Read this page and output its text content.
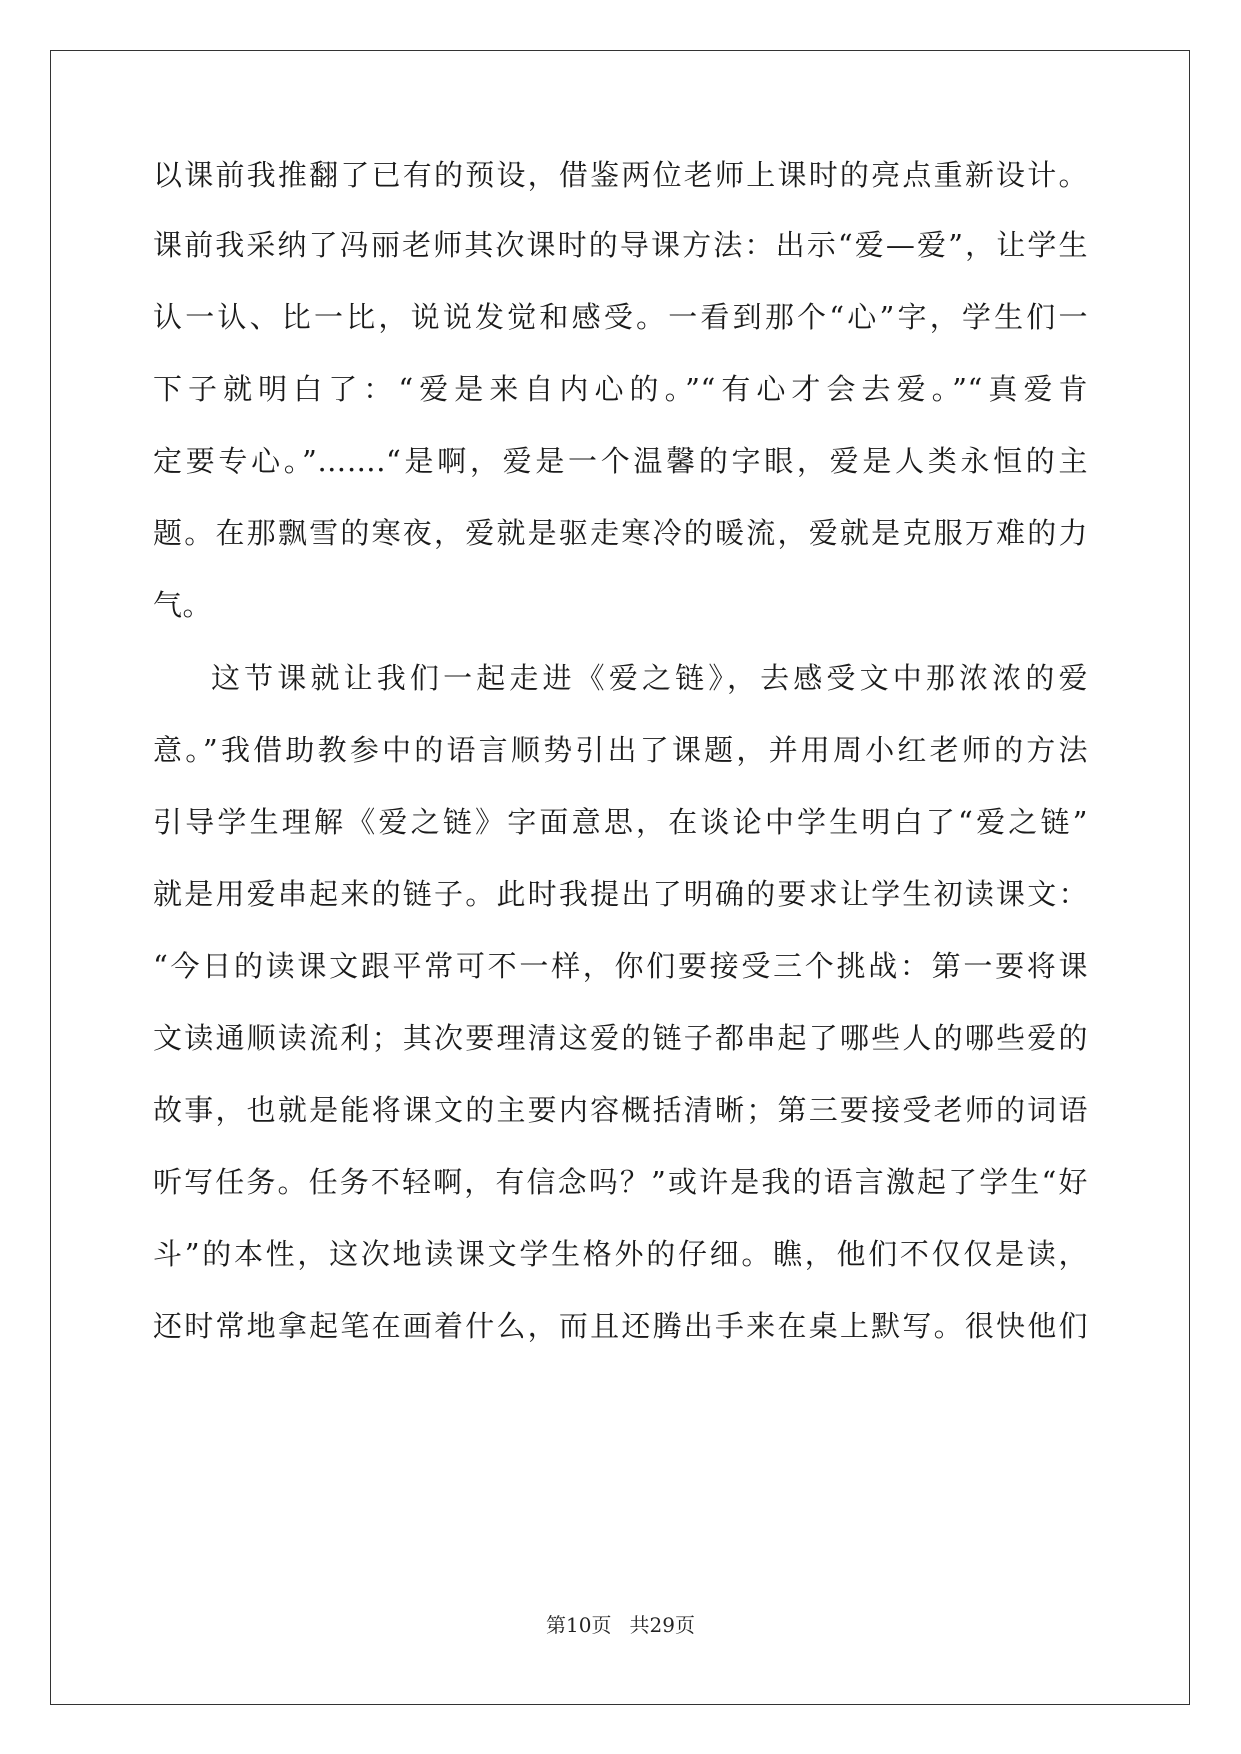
以课前我推翻了已有的预设，借鉴两位老师上课时的亮点重新设计。
课前我采纳了冯丽老师其次课时的导课方法：出示“爱—爱”，让学生
认一认、比一比，说说发觉和感受。一看到那个“心”字，学生们一
下子就明白了：“爱是来自内心的。”“有心才会去爱。”“真爱肯
定要专心。”…….“是啊，爱是一个温馨的字眼，爱是人类永恒的主
题。在那飘雪的寒夜，爱就是驱走寒冷的暖流，爱就是克服万难的力
气。
这节课就让我们一起走进《爱之链》，去感受文中那浓浓的爱
意。”我借助教参中的语言顺势引出了课题，并用周小红老师的方法
引导学生理解《爱之链》字面意思，在谈论中学生明白了“爱之链”
就是用爱串起来的链子。此时我提出了明确的要求让学生初读课文：
“今日的读课文跟平常可不一样，你们要接受三个挑战：第一要将课
文读通顺读流利；其次要理清这爱的链子都串起了哪些人的哪些爱的
故事，也就是能将课文的主要内容概括清晰；第三要接受老师的词语
听写任务。任务不轻啊，有信念吗？”或许是我的语言激起了学生“好
斗”的本性，这次地读课文学生格外的仔细。瞧，他们不仅仅是读，
还时常地拿起笔在画着什么，而且还腾出手来在桌上默写。很快他们
第10页 共29页
